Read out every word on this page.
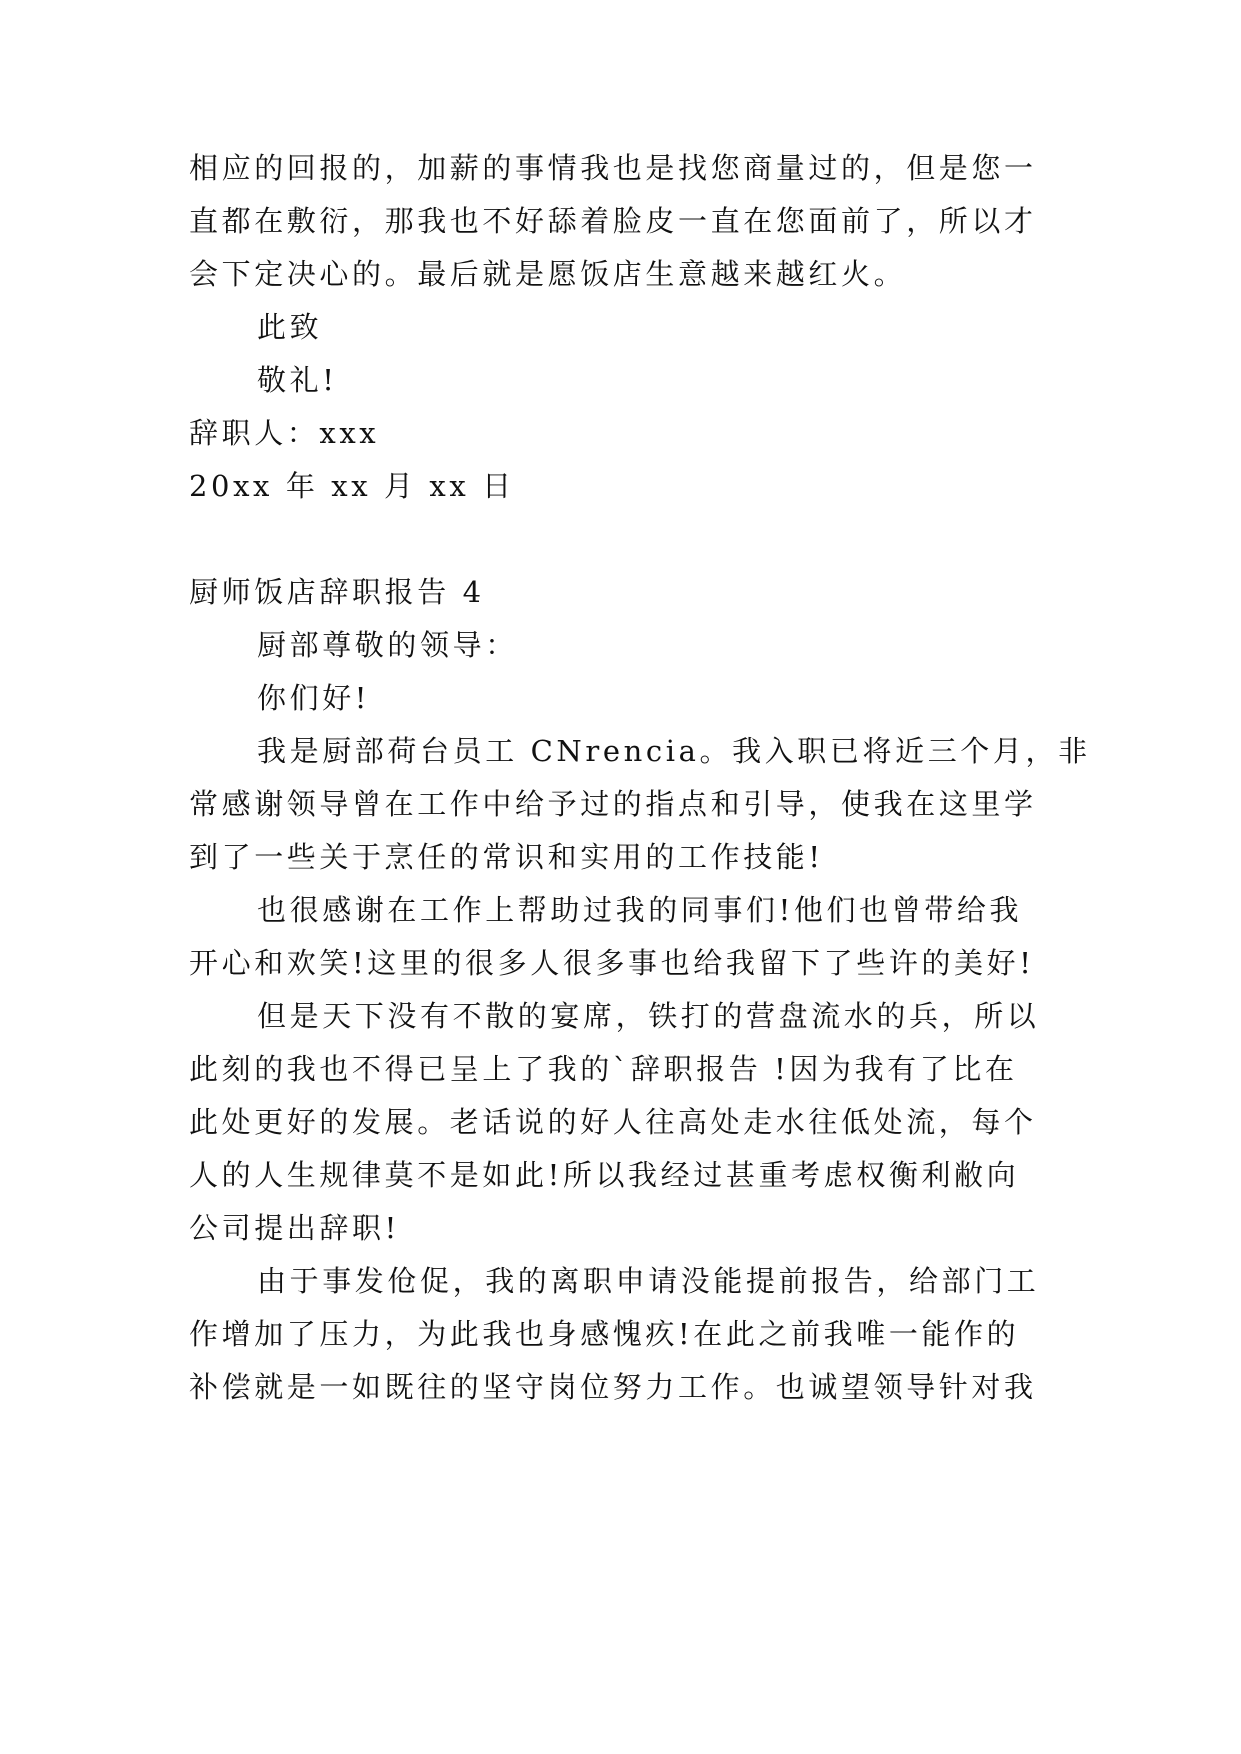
相应的回报的，加薪的事情我也是找您商量过的，但是您一
直都在敷衍，那我也不好舔着脸皮一直在您面前了，所以才
会下定决心的。最后就是愿饭店生意越来越红火。
此致
敬礼!
辞职人：xxx
20xx 年 xx 月 xx 日
厨师饭店辞职报告 4
厨部尊敬的领导：
你们好!
我是厨部荷台员工 CNrencia。我入职已将近三个月，非
常感谢领导曾在工作中给予过的指点和引导，使我在这里学
到了一些关于烹任的常识和实用的工作技能!
也很感谢在工作上帮助过我的同事们!他们也曾带给我
开心和欢笑!这里的很多人很多事也给我留下了些许的美好!
但是天下没有不散的宴席，铁打的营盘流水的兵，所以
此刻的我也不得已呈上了我的`辞职报告 !因为我有了比在
此处更好的发展。老话说的好人往高处走水往低处流，每个
人的人生规律莫不是如此!所以我经过甚重考虑权衡利敝向
公司提出辞职!
由于事发伧促，我的离职申请没能提前报告，给部门工
作增加了压力，为此我也身感愧疚!在此之前我唯一能作的
补偿就是一如既往的坚守岗位努力工作。也诚望领导针对我
